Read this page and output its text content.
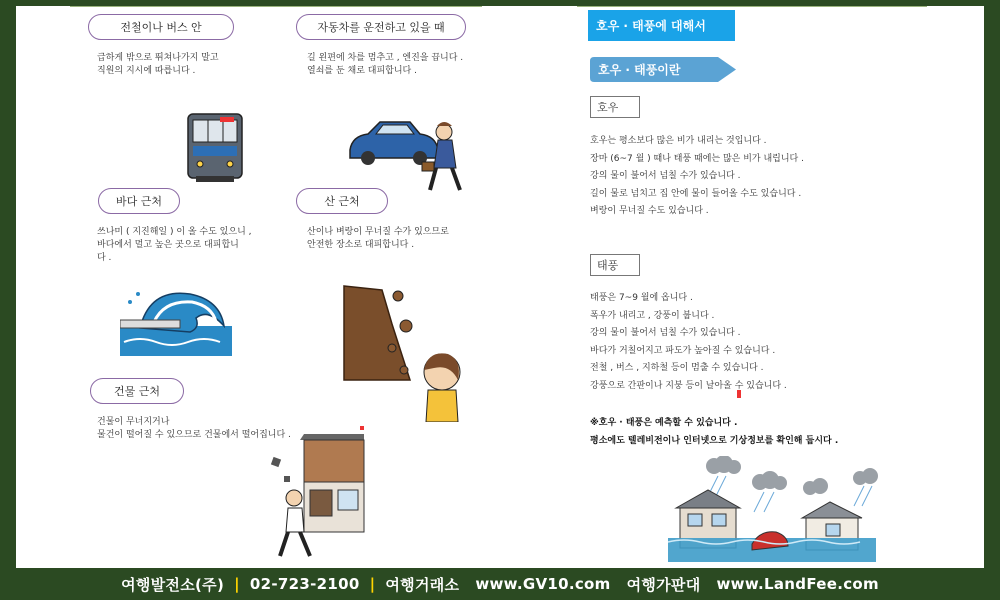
전철이나 버스 안
급하게 밖으로 뛰쳐나가지 말고
직원의 지시에 따릅니다 .
자동차를 운전하고 있을 때
길 왼편에 차를 멈추고 , 엔진을 끕니다 .
열쇠를 둔 채로 대피합니다 .
바다 근처
쓰나미 ( 지진해일 ) 이 올 수도 있으니 ,
바다에서 멀고 높은 곳으로 대피합니
다 .
산 근처
산이나 벼랑이 무너질 수가 있으므로
안전한 장소로 대피합니다 .
건물 근처
건물이 무너지거나
물건이 떨어질 수 있으므로 건물에서 떨어집니다 .
호우 · 태풍에 대해서
호우 · 태풍이란
호우
호우는 평소보다 많은 비가 내리는 것입니다 .
장마 (6~7 월 ) 때나 태풍 때에는 많은 비가 내립니다 .
강의 물이 불어서 넘칠 수가 있습니다 .
길이 물로 넘치고 집 안에 물이 들어올 수도 있습니다 .
벼랑이 무너질 수도 있습니다 .
태풍
태풍은 7~9 월에 옵니다 .
폭우가 내리고 , 강풍이 붑니다 .
강의 물이 불어서 넘칠 수가 있습니다 .
바다가 거칠어지고 파도가 높아질 수 있습니다 .
전철 , 버스 , 지하철 등이 멈출 수 있습니다 .
강풍으로 간판이나 지붕 등이 날아올 수 있습니다 .
※호우 · 태풍은 예측할 수 있습니다 .
평소에도 텔레비전이나 인터넷으로 기상정보를 확인해 둡시다 .
여행발전소(주) | 02-723-2100 | 여행거래소 www.GV10.com 여행가판대 www.LandFee.com
